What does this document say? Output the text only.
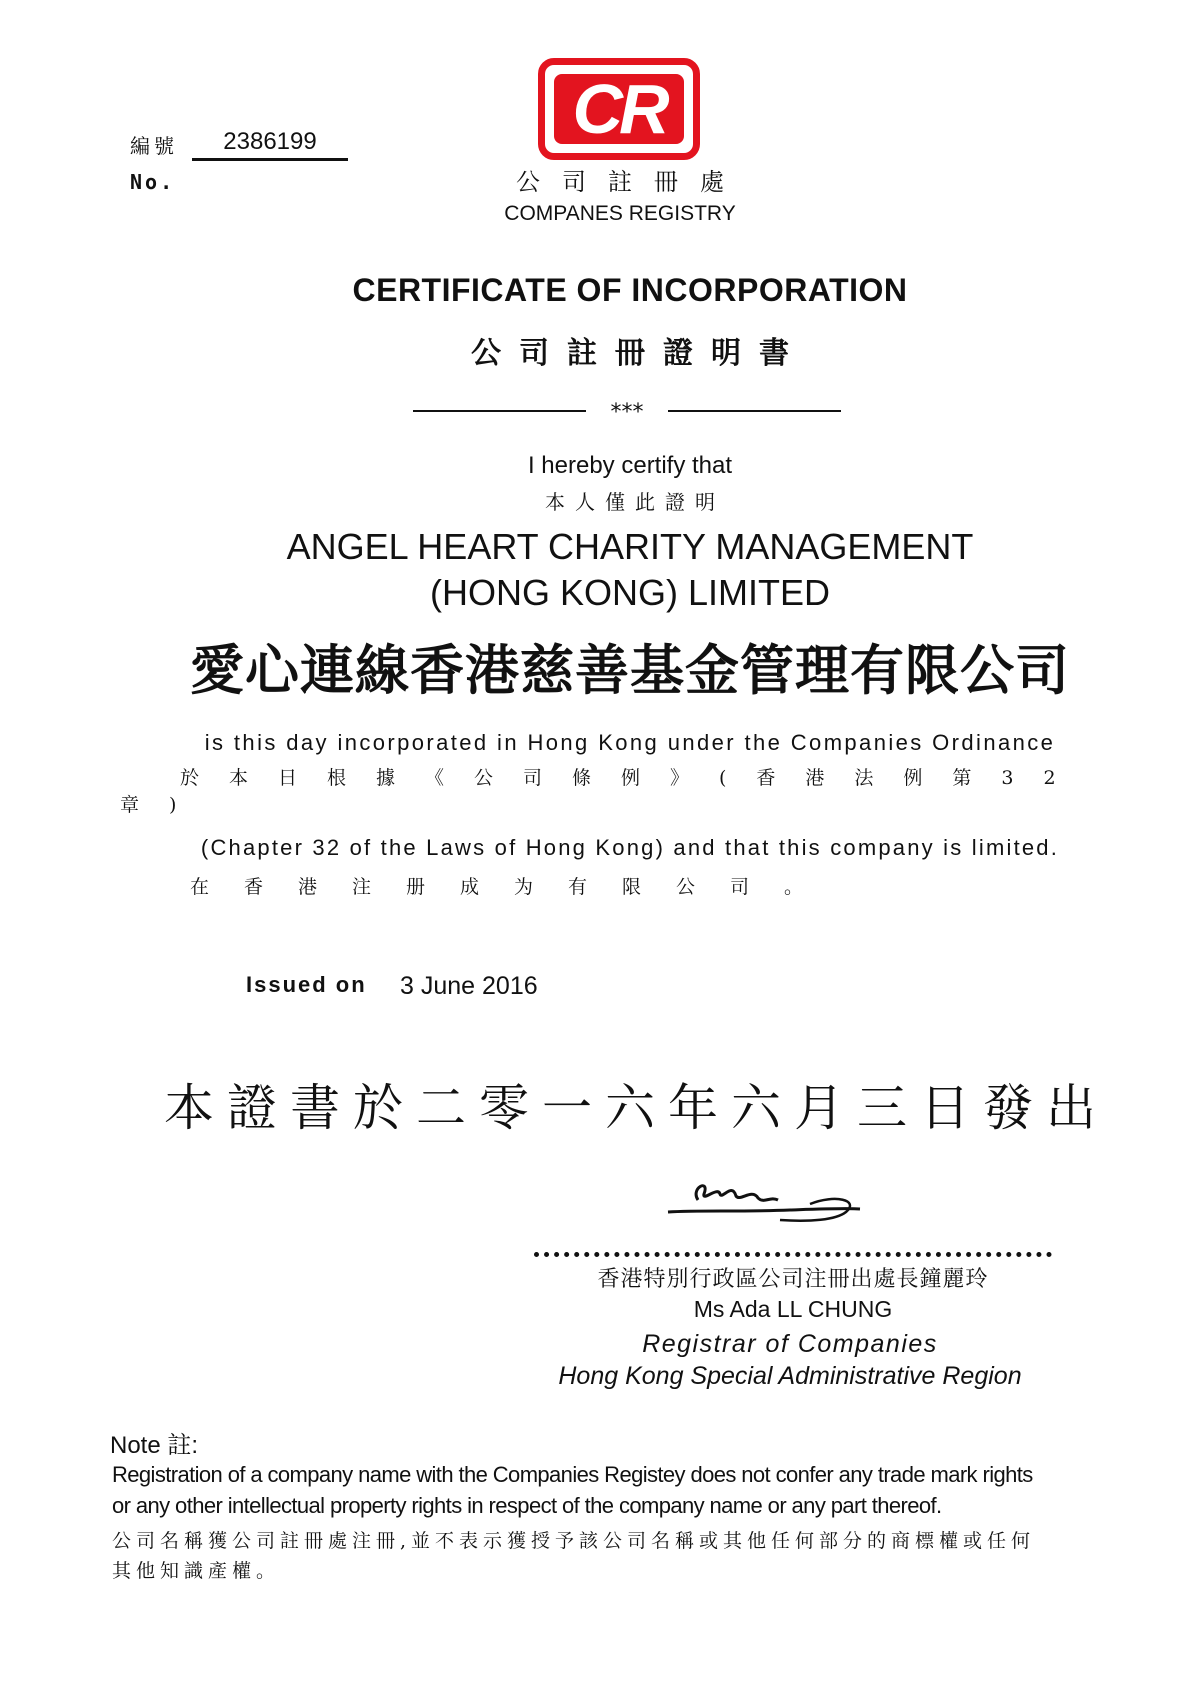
編號
No.
2386199	CR
公司註冊處
COMPANES REGISTRY
CERTIFICATE OF INCORPORATION
公司註冊證明書
***
I hereby certify that
本人僅此證明
ANGEL HEART CHARITY MANAGEMENT
(HONG KONG) LIMITED
愛心連線香港慈善基金管理有限公司
is this day incorporated in Hong Kong under the Companies Ordinance
於本日根據《公司條例》(香港法例第32章)
(Chapter 32 of the Laws of Hong Kong) and that this company is limited.
在香港注册成为有限公司。
Issued on 3 June 2016
本證書於二零一六年六月三日發出
香港特別行政區公司注冊出處長鐘麗玲
Ms Ada LL CHUNG
Registrar of Companies
Hong Kong Special Administrative Region
Note 註:
Registration of a company name with the Companies Registey does not confer any trade mark rights
or any other intellectual property rights in respect of the company name or any part thereof.
公司名稱獲公司註冊處注冊,並不表示獲授予該公司名稱或其他任何部分的商標權或任何
其他知識產權。
